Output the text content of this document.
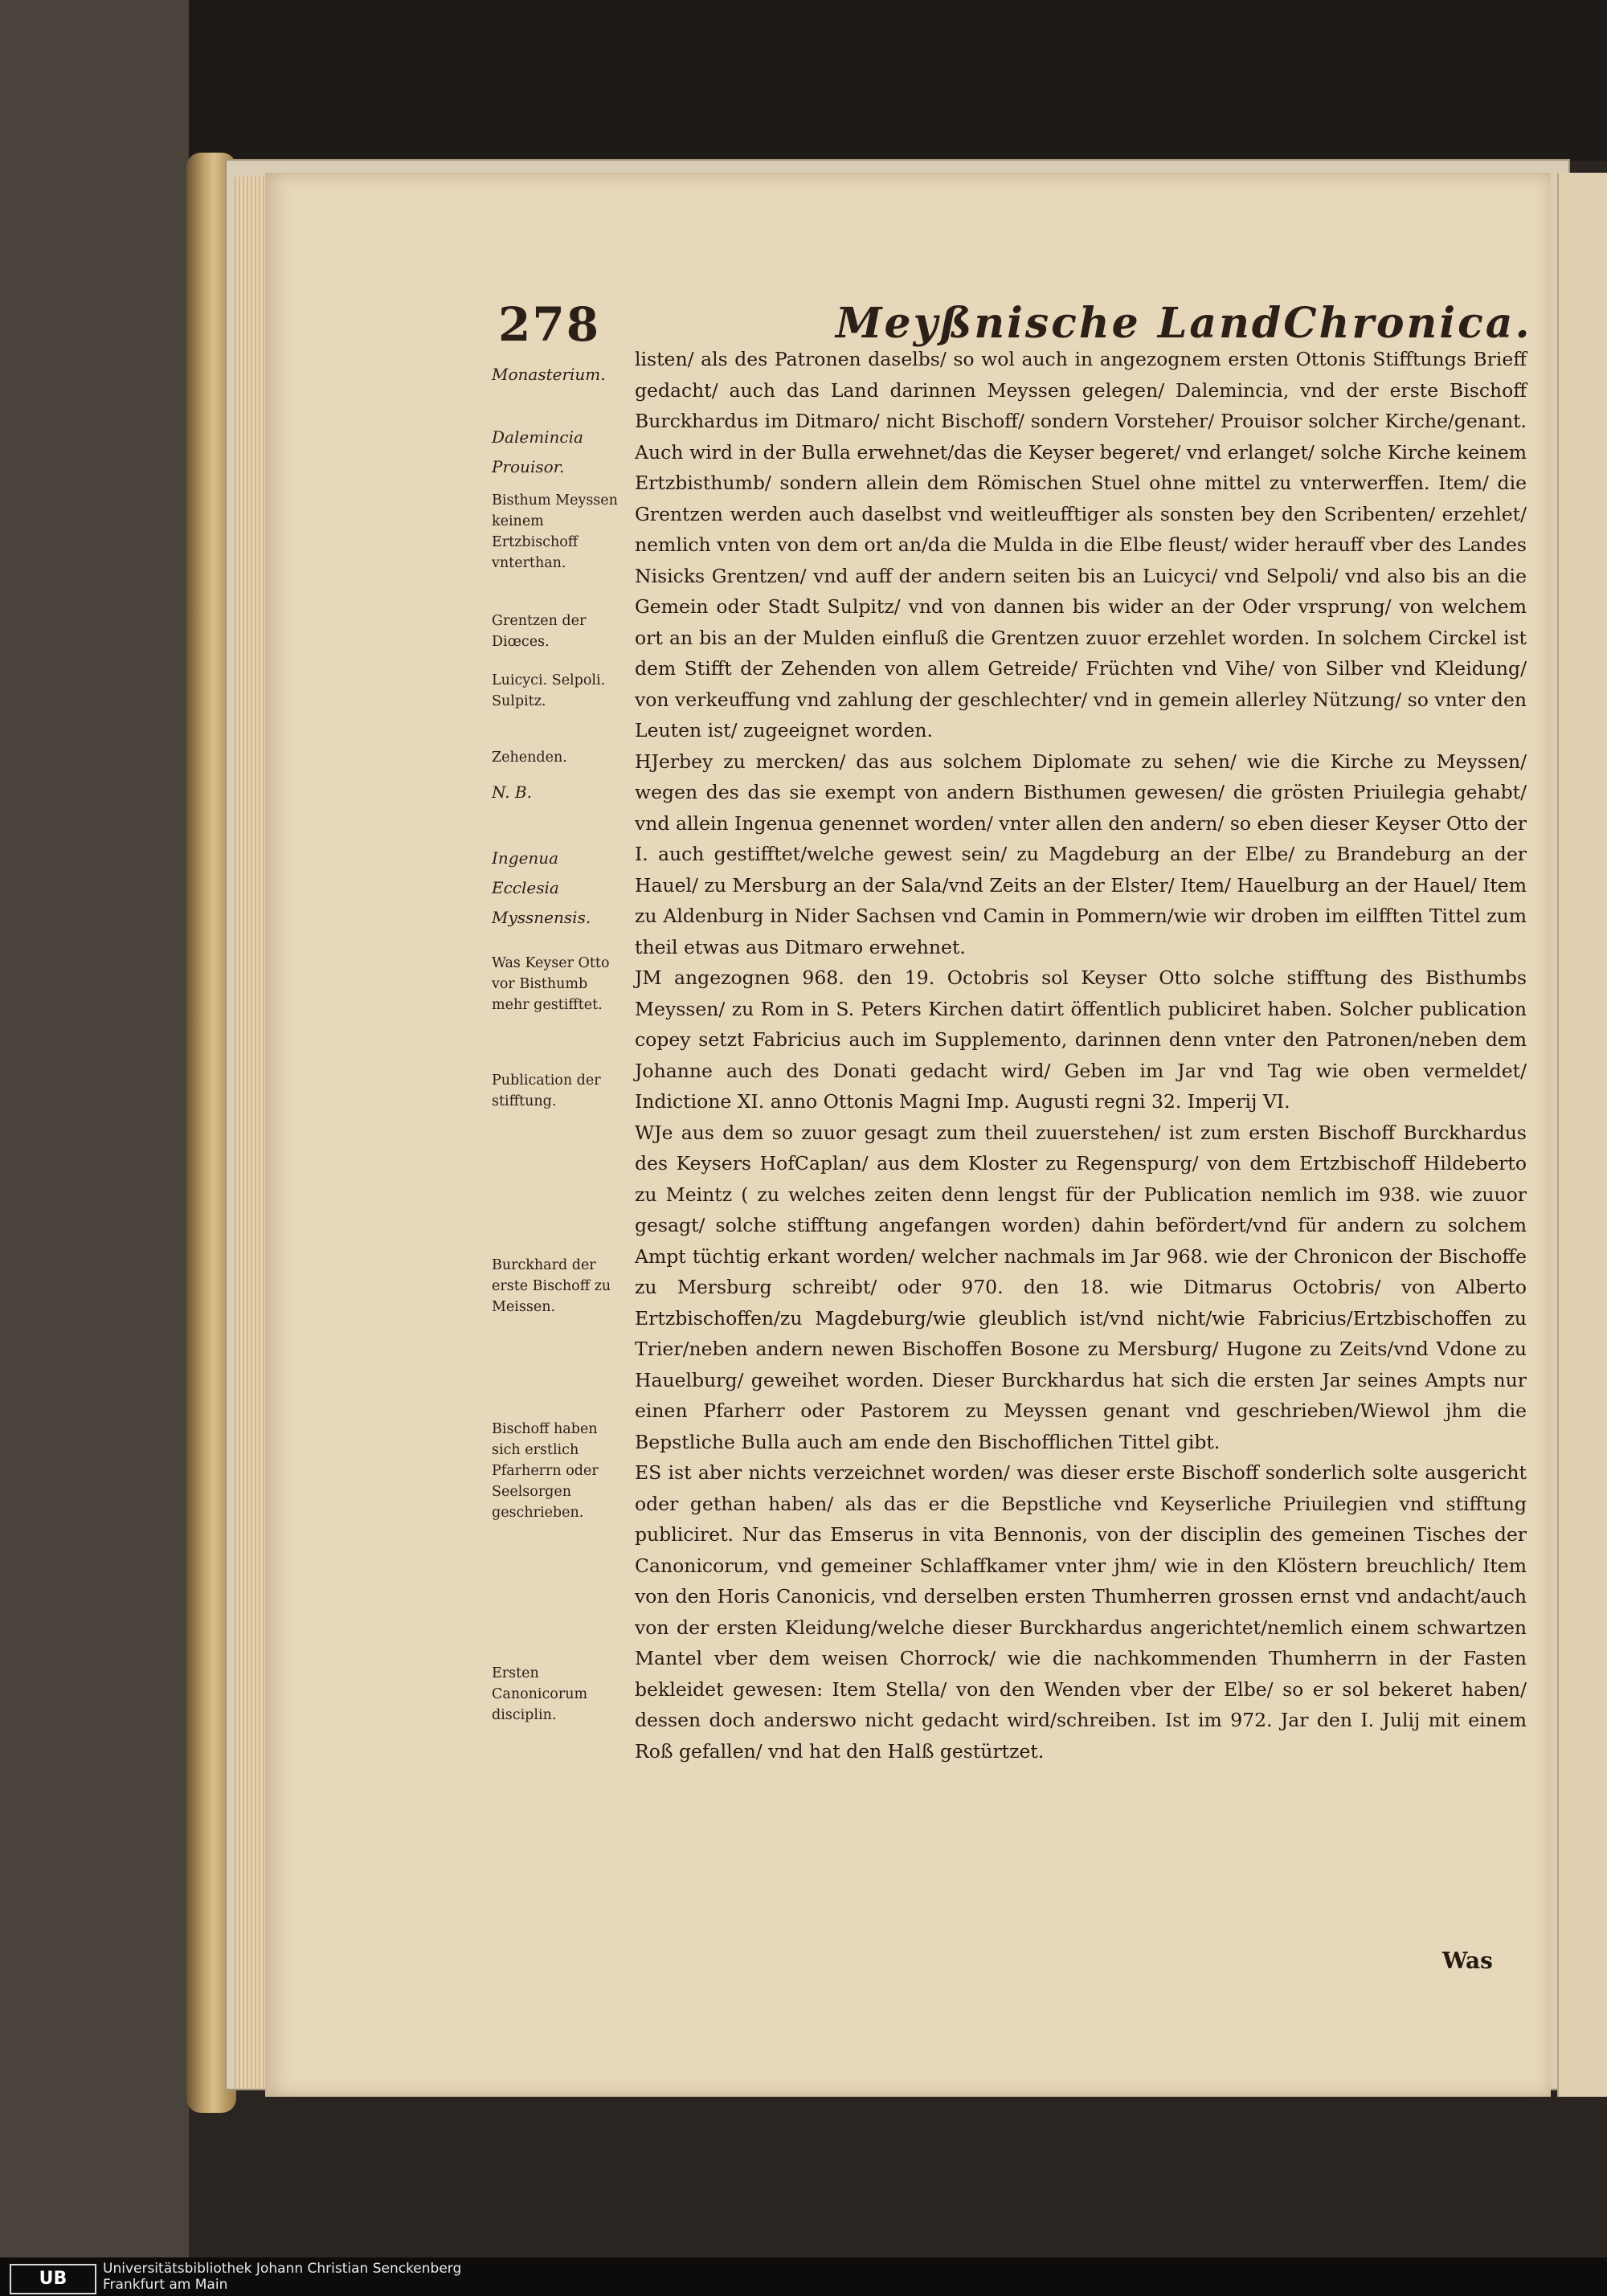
278	Meyßnische LandChronica.
Monasterium.
Dalemincia Prouisor.
Bisthum Meyssen keinem Ertzbischoff vnterthan.
Grentzen der Diœces.
Luicyci. Selpoli. Sulpitz.
Zehenden.
N. B.
Ingenua Ecclesia Myssnensis.
Was Keyser Otto vor Bisthumb mehr gestifftet.
Publication der stifftung.
Burckhard der erste Bischoff zu Meissen.
Bischoff haben sich erstlich Pfarherrn oder Seelsorgen geschrieben.
Ersten Canonicorum disciplin.

listen/ als des Patronen daselbs/ so wol auch in angezognem ersten Ottonis Stifftungs Brieff gedacht/ auch das Land darinnen Meyssen gelegen/ Dalemincia, vnd der erste Bischoff Burckhardus im Ditmaro/ nicht Bischoff/ sondern Vorsteher/ Prouisor solcher Kirche/genant. Auch wird in der Bulla erwehnet/das die Keyser begeret/ vnd erlanget/ solche Kirche keinem Ertzbisthumb/ sondern allein dem Römischen Stuel ohne mittel zu vnterwerffen. Item/ die Grentzen werden auch daselbst vnd weitleufftiger als sonsten bey den Scribenten/ erzehlet/ nemlich vnten von dem ort an/da die Mulda in die Elbe fleust/ wider herauff vber des Landes Nisicks Grentzen/ vnd auff der andern seiten bis an Luicyci/ vnd Selpoli/ vnd also bis an die Gemein oder Stadt Sulpitz/ vnd von dannen bis wider an der Oder vrsprung/ von welchem ort an bis an der Mulden einfluß die Grentzen zuuor erzehlet worden. In solchem Circkel ist dem Stifft der Zehenden von allem Getreide/ Früchten vnd Vihe/ von Silber vnd Kleidung/ von verkeuffung vnd zahlung der geschlechter/ vnd in gemein allerley Nützung/ so vnter den Leuten ist/ zugeeignet worden.

HJerbey zu mercken/ das aus solchem Diplomate zu sehen/ wie die Kirche zu Meyssen/ wegen des das sie exempt von andern Bisthumen gewesen/ die grösten Priuilegia gehabt/ vnd allein Ingenua genennet worden/ vnter allen den andern/ so eben dieser Keyser Otto der I. auch gestifftet/welche gewest sein/ zu Magdeburg an der Elbe/ zu Brandeburg an der Hauel/ zu Mersburg an der Sala/vnd Zeits an der Elster/ Item/ Hauelburg an der Hauel/ Item zu Aldenburg in Nider Sachsen vnd Camin in Pommern/wie wir droben im eilfften Tittel zum theil etwas aus Ditmaro erwehnet.

JM angezognen 968. den 19. Octobris sol Keyser Otto solche stifftung des Bisthumbs Meyssen/ zu Rom in S. Peters Kirchen datirt öffentlich publiciret haben. Solcher publication copey setzt Fabricius auch im Supplemento, darinnen denn vnter den Patronen/neben dem Johanne auch des Donati gedacht wird/ Geben im Jar vnd Tag wie oben vermeldet/ Indictione XI. anno Ottonis Magni Imp. Augusti regni 32. Imperij VI.

WJe aus dem so zuuor gesagt zum theil zuuerstehen/ ist zum ersten Bischoff Burckhardus des Keysers HofCaplan/ aus dem Kloster zu Regenspurg/ von dem Ertzbischoff Hildeberto zu Meintz ( zu welches zeiten denn lengst für der Publication nemlich im 938. wie zuuor gesagt/ solche stifftung angefangen worden) dahin befördert/vnd für andern zu solchem Ampt tüchtig erkant worden/ welcher nachmals im Jar 968. wie der Chronicon der Bischoffe zu Mersburg schreibt/ oder 970. den 18. wie Ditmarus Octobris/ von Alberto Ertzbischoffen/zu Magdeburg/wie gleublich ist/vnd nicht/wie Fabricius/Ertzbischoffen zu Trier/neben andern newen Bischoffen Bosone zu Mersburg/ Hugone zu Zeits/vnd Vdone zu Hauelburg/ geweihet worden. Dieser Burckhardus hat sich die ersten Jar seines Ampts nur einen Pfarherr oder Pastorem zu Meyssen genant vnd geschrieben/Wiewol jhm die Bepstliche Bulla auch am ende den Bischofflichen Tittel gibt.

ES ist aber nichts verzeichnet worden/ was dieser erste Bischoff sonderlich solte ausgericht oder gethan haben/ als das er die Bepstliche vnd Keyserliche Priuilegien vnd stifftung publiciret. Nur das Emserus in vita Bennonis, von der disciplin des gemeinen Tisches der Canonicorum, vnd gemeiner Schlaffkamer vnter jhm/ wie in den Klöstern breuchlich/ Item von den Horis Canonicis, vnd derselben ersten Thumherren grossen ernst vnd andacht/auch von der ersten Kleidung/welche dieser Burckhardus angerichtet/nemlich einem schwartzen Mantel vber dem weisen Chorrock/ wie die nachkommenden Thumherrn in der Fasten bekleidet gewesen: Item Stella/ von den Wenden vber der Elbe/ so er sol bekeret haben/ dessen doch anderswo nicht gedacht wird/schreiben. Ist im 972. Jar den I. Julij mit einem Roß gefallen/ vnd hat den Halß gestürtzet.

Was
UB	Universitätsbibliothek Johann Christian Senckenberg
Frankfurt am Main
